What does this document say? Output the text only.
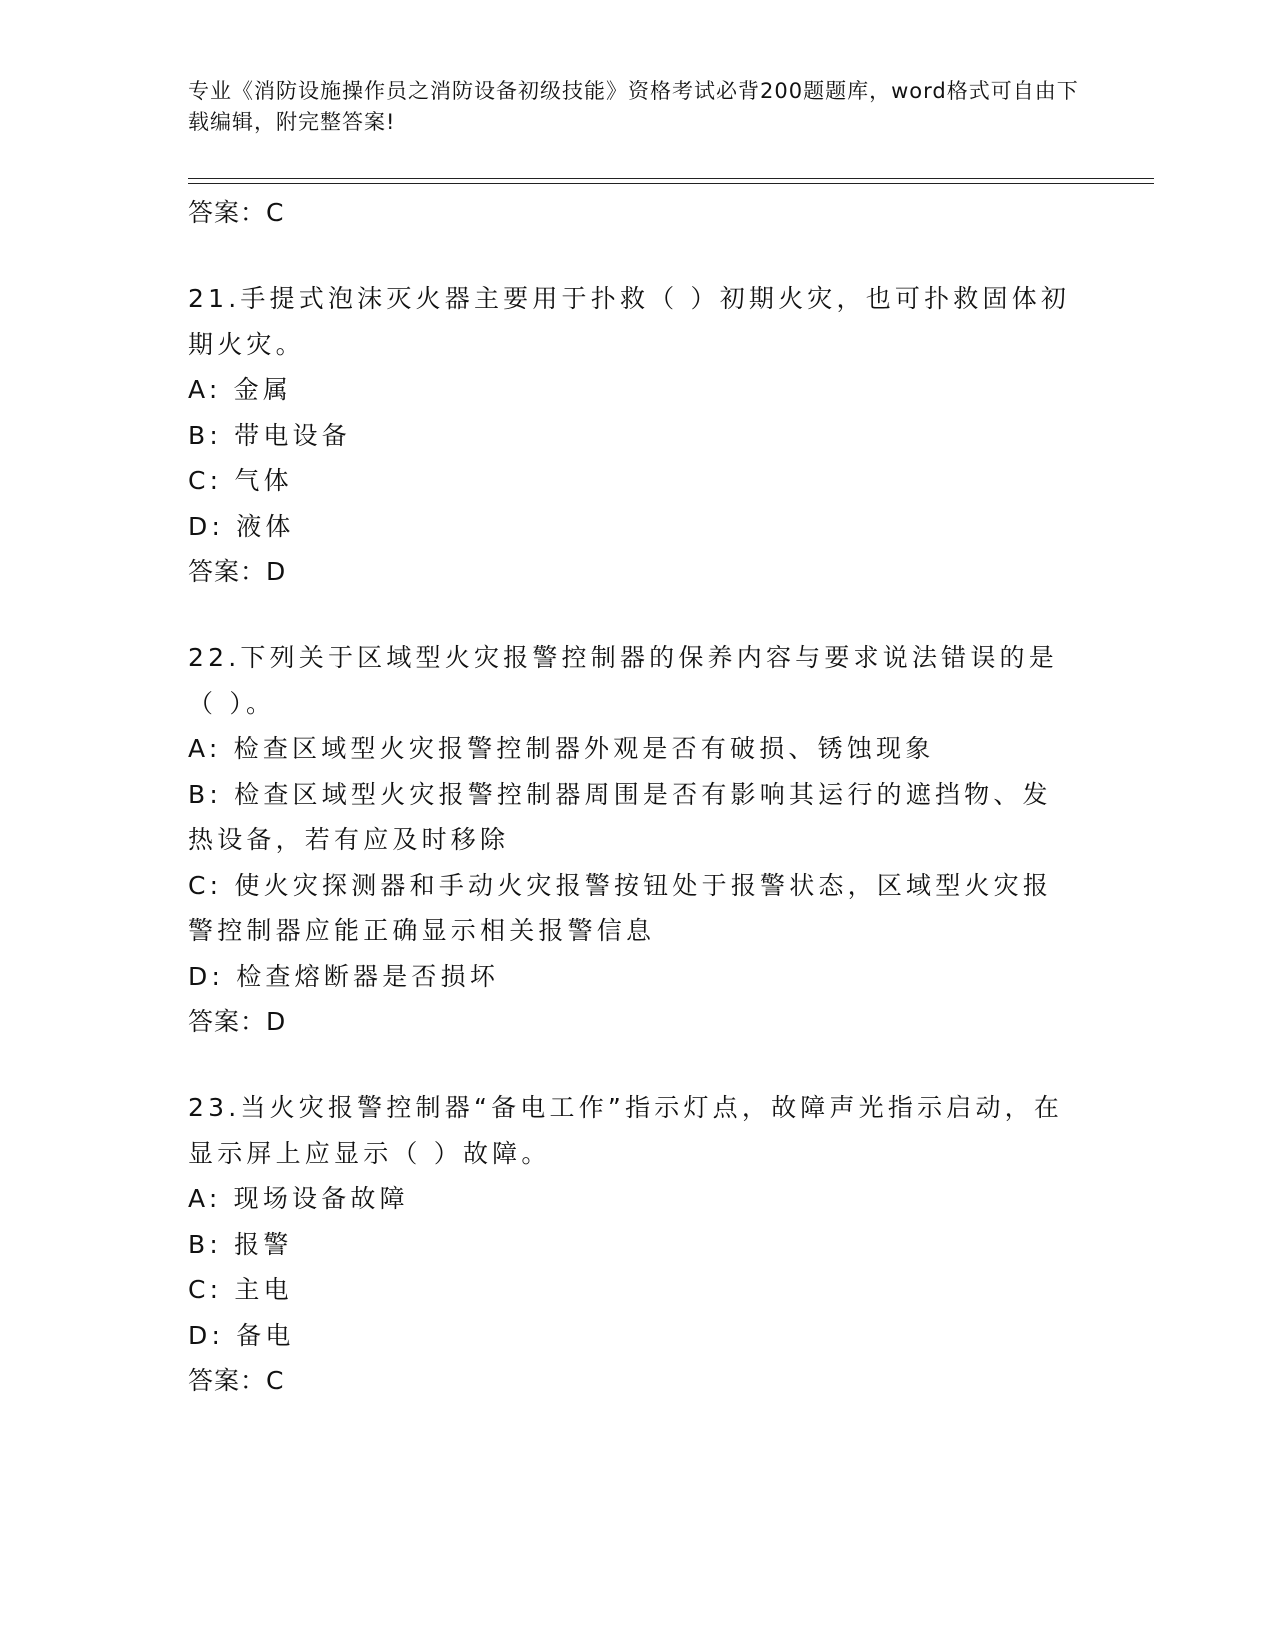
专业《消防设施操作员之消防设备初级技能》资格考试必背200题题库，word格式可自由下载编辑，附完整答案!
答案：C
21.手提式泡沫灭火器主要用于扑救（ ）初期火灾，也可扑救固体初期火灾。
A: 金属
B: 带电设备
C: 气体
D: 液体
答案：D
22.下列关于区域型火灾报警控制器的保养内容与要求说法错误的是（ ）。
A: 检查区域型火灾报警控制器外观是否有破损、锈蚀现象
B: 检查区域型火灾报警控制器周围是否有影响其运行的遮挡物、发热设备，若有应及时移除
C: 使火灾探测器和手动火灾报警按钮处于报警状态，区域型火灾报警控制器应能正确显示相关报警信息
D: 检查熔断器是否损坏
答案：D
23.当火灾报警控制器“备电工作”指示灯点，故障声光指示启动，在显示屏上应显示（ ）故障。
A: 现场设备故障
B: 报警
C: 主电
D: 备电
答案：C
